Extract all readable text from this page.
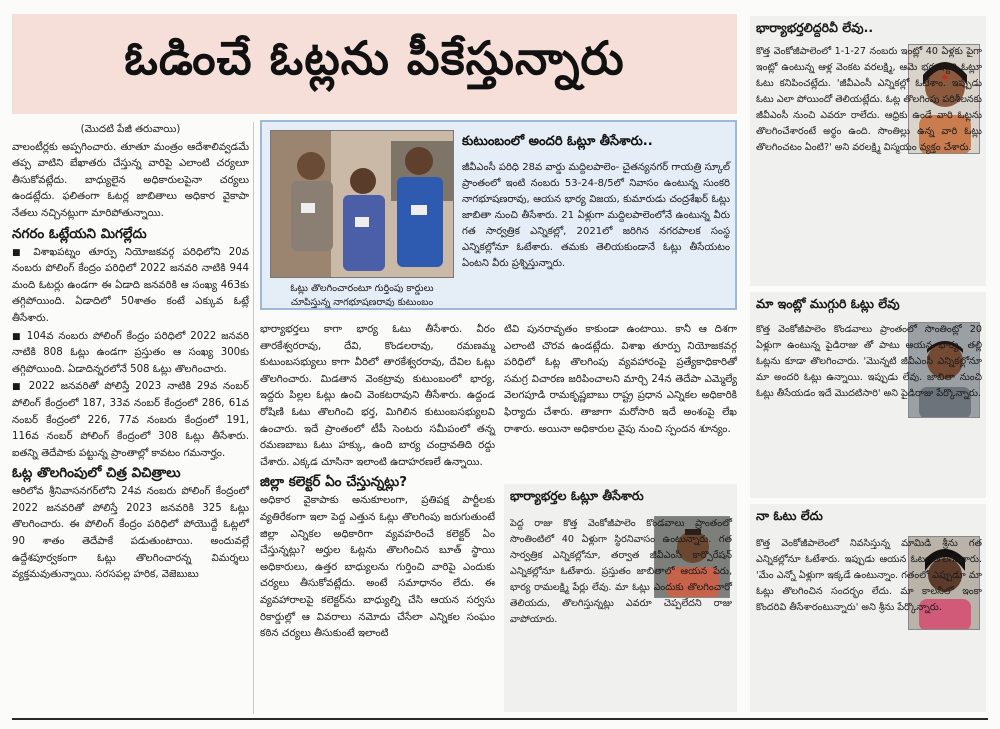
ఓడించే ఓట్లను పీకేస్తున్నారు

(మొదటి పేజీ తరువాయి)

వాలంటీర్లకు అప్పగించారు. తూతూ మంత్రం ఆదేశాలివ్వడమే తప్ప వాటిని బేఖాతరు చేస్తున్న వారిపై ఎలాంటి చర్యలూ తీసుకోవట్లేదు. బాధ్యులైన అధికారులపైనా చర్యలు ఉండట్లేదు. ఫలితంగా ఓటర్ల జాబితాలు అధికార వైకాపా నేతలు నచ్చినట్లుగా మారిపోతున్నాయి.

నగరం ఓట్లేయని మిగల్లేదు

■ విశాఖపట్నం తూర్పు నియోజకవర్గ పరిధిలోని 20వ నంబరు పోలింగ్ కేంద్రం పరిధిలో 2022 జనవరి నాటికి 944 మంది ఓటర్లు ఉండగా ఈ ఏడాది జనవరికి ఆ సంఖ్య 463కు తగ్గిపోయింది. ఏడాదిలో 50శాతం కంటే ఎక్కువ ఓట్లే తీసేశారు.

■ 104వ నంబరు పోలింగ్ కేంద్రం పరిధిలో 2022 జనవరి నాటికి 808 ఓట్లు ఉండగా ప్రస్తుతం ఆ సంఖ్య 300కు తగ్గిపోయింది. ఏడాదిన్నరలోనే 508 ఓట్లు తొలగించారు.

■ 2022 జనవరితో పోలిస్తే 2023 నాటికి 29వ నంబర్ పోలింగ్ కేంద్రంలో 187, 33వ నంబర్ కేంద్రంలో 286, 61వ నంబర్ కేంద్రంలో 226, 77వ నంబరు కేంద్రంలో 191, 116వ నంబర్ పోలింగ్ కేంద్రంలో 308 ఓట్లు తీసేశారు. ఐతన్ని తెదేపాకు పట్టున్న ప్రాంతాల్లో కావటం గమనార్హం.

ఓట్ల తొలగింపులో చిత్ర విచిత్రాలు

ఆరిలోవ శ్రీనివాసనగర్‌లోని 24వ నంబరు పోలింగ్ కేంద్రంలో 2022 జనవరితో పోలిస్తే 2023 జనవరికి 325 ఓట్లు తొలగించారు. ఈ పోలింగ్ కేంద్రం పరిధిలో పోయొద్దే ఓట్లలో 90 శాతం తెదేపాకే పడుతుంటాయి. అందువల్లే ఉద్దేశపూర్వకంగా ఓట్లు తొలగించారన్న విమర్శలు వ్యక్తమవుతున్నాయి. సరసపల్ల హరిక, వెజెబుబు

ఓట్లు తొలగించారంటూ గుర్తింపు కార్డులు చూపిస్తున్న నాగభూషణరావు కుటుంబం
కుటుంబంలో అందరి ఓట్లూ తీసేశారు..
జీవీఎంసీ పరిధి 28వ వార్డు మద్దిలపాలెం- చైతన్యనగర్ గాయత్రి స్కూల్ ప్రాంతంలో ఇంటి నంబరు 53-24-8/5లో నివాసం ఉంటున్న సుంకరి నాగభూషణరావు, ఆయన భార్య విజయ, కుమారుడు చంద్రశేఖర్ ఓట్లు జాబితా నుంచి తీసేశారు. 21 ఏళ్లుగా మద్దిలపాలెంలోనే ఉంటున్న వీరు గత సార్వత్రిక ఎన్నికల్లో, 2021లో జరిగిన నగరపాలక సంస్థ ఎన్నికల్లోనూ ఓటేశారు. తమకు తెలియకుండానే ఓట్లు తీసేయటం ఏంటని వీరు ప్రశ్నిస్తున్నారు.

భార్యాభర్తలు కాగా భార్య ఓటు తీసేశారు. వీరం తారకేశ్వరరావు, దేవి, కొండలరావు, రమణమ్మ కుటుంబసభ్యులు కాగా వీరిలో తారకేశ్వరరావు, దేవిల ఓట్లు తొలగించారు. మిడతాన వెంకట్రావు కుటుంబంలో భార్య, ఇద్దరు పిల్లల ఓట్లు ఉంచి వెంకటరావుని తీసేశారు. ఉద్దండ రోషిణి ఓటు తొలగించి భర్త, మిగిలిన కుటుంబసభ్యులవి ఉంచారు. ఇదే ప్రాంతంలో టీపీ సెంటరు సమీపంలో తన్న రమణబాబు ఓటు హక్కు, ఉంది బార్య చంద్రావతిది రద్దు చేశారు. ఎక్కడ చూసినా ఇలాంటి ఉదాహరణలే ఉన్నాయి.

జిల్లా కలెక్టర్ ఏం చేస్తున్నట్లు?

అధికార వైకాపాకు అనుకూలంగా, ప్రతిపక్ష పార్టీలకు వ్యతిరేకంగా ఇలా పెద్ద ఎత్తున ఓట్లు తొలగింపు జరుగుతుంటే జిల్లా ఎన్నికల అధికారిగా వ్యవహరించే కలెక్టర్ ఏం చేస్తున్నట్లు? అర్హుల ఓట్లను తొలగించిన బూత్ స్థాయి అధికారులు, ఉత్తర బాధ్యులను గుర్తించి వారిపై ఎందుకు చర్యలు తీసుకోవట్లేదు. అంటే సమాధానం లేదు. ఈ వ్యవహారాలపై కలెక్టర్‌ను బాధ్యుల్ని చేసి ఆయన సర్వసు రికార్డుల్లో ఆ వివరాలు నమోదు చేసేలా ఎన్నికల సంఘం కఠిన చర్యలు తీసుకుంటే ఇలాంటి

టివి పునరావృతం కాకుండా ఉంటాయి. కానీ ఆ దిశగా ఎలాంటి చొరవ ఉండట్లేదు. విశాఖ తూర్పు నియోజకవర్గ పరిధిలో ఓట్ల తొలగింపు వ్యవహారంపై ప్రత్యేకాధికారితో సమగ్ర విచారణ జరిపించాలని మార్చి 24న తెదేపా ఎమ్మెల్యే వెలగపూడి రామకృష్ణబాబు రాష్ట్ర ప్రధాన ఎన్నికల అధికారికి ఫిర్యాదు చేశారు. తాజాగా మరోసారి ఇదే అంశంపై లేఖ రాశారు. అయినా అధికారుల వైపు నుంచి స్పందన శూన్యం.

భార్యాభర్తల ఓట్లూ తీసేశారు
పెద్ద రాజు కొత్త వెంకోజీపాలెం కొండవాలు ప్రాంతంలో సొంతింటిలో 40 ఏళ్లుగా స్థిరనివాసం ఉంటున్నారు. గత సార్వత్రిక ఎన్నికల్లోనూ, తర్వాత జీవీఎంసీ కార్పొరేషన్ ఎన్నికల్లోనూ ఓటేశారు. ప్రస్తుతం జాబితాలో ఆయన పేరు, భార్య రామలక్ష్మి పేర్లు లేవు. మా ఓట్లు ఎందుకు తొలగించారో తెలియదు, తొలగిస్తున్నట్లు ఎవరూ చెప్పలేదని రాజు వాపోయారు.
భార్యాభర్తలిద్దరివీ లేవు..
కొత్త వెంకోజీపాలెంలో 1-1-27 నంబరు ఇంట్లో 40 ఏళ్లకు పైగా ఇంట్లో ఉంటున్న ఆళ్ల వెంకట వరలక్ష్మి, ఆమె భర్త ఇద్దరి ఓట్లూ ఓటు కనిపించట్లేదు. 'జీవీఎంసీ ఎన్నికల్లో ఓటేశాం. ఇప్పుడు ఓటు ఎలా పోయిందో తెలియట్లేదు. ఓట్ల తొలగింపు పరిశీలనకు జీవీఎంసీ నుంచి ఎవరూ రాలేదు. ఆధ్రికు ఉండే వారి ఓట్లను తొలగించేశారంటే అర్థం ఉంది. సొంతిల్లు ఉన్న వారి ఓట్లు తొలగించటం ఏంటి?' అని వరలక్ష్మి విస్మయం వ్యక్తం చేశారు.
మా ఇంట్లో ముగ్గురి ఓట్లు లేవు
కొత్త వెంకోజీపాలెం కొండవాలు ప్రాంతంలో సొంతింట్లో 20 ఏళ్లుగా ఉంటున్న పైడిరాజు తో పాటు ఆయన భార్య, తల్లి ఓట్లను కూడా తొలగించారు. 'మొన్నటి జీవీఎంసీ ఎన్నికల్లోనూ మా అందరి ఓట్లు ఉన్నాయి. ఇప్పుడు లేవు. జాబితా నుంచి ఓట్లు తీసేయడం ఇదే మొదటిసారి' అని పైడిరాజు పేర్కొన్నారు.
నా ఓటు లేదు
కొత్త వెంకోజీపాలెంలో నివసిస్తున్న మామిడి శ్రీను గత ఎన్నికల్లోనూ ఓటేశారు. ఇప్పుడు ఆయన ఓటు తొలగించారు. 'మేం ఎన్నో ఏళ్లుగా ఇక్కడే ఉంటున్నాం. గతంలో ఎప్పుడూ మా ఓట్లు తొలగించిన సందర్భం లేదు. మా కాలనీలో ఇంకా కొందరివి తీసేశారంటున్నారు' అని శ్రీను పేర్కొన్నారు.
